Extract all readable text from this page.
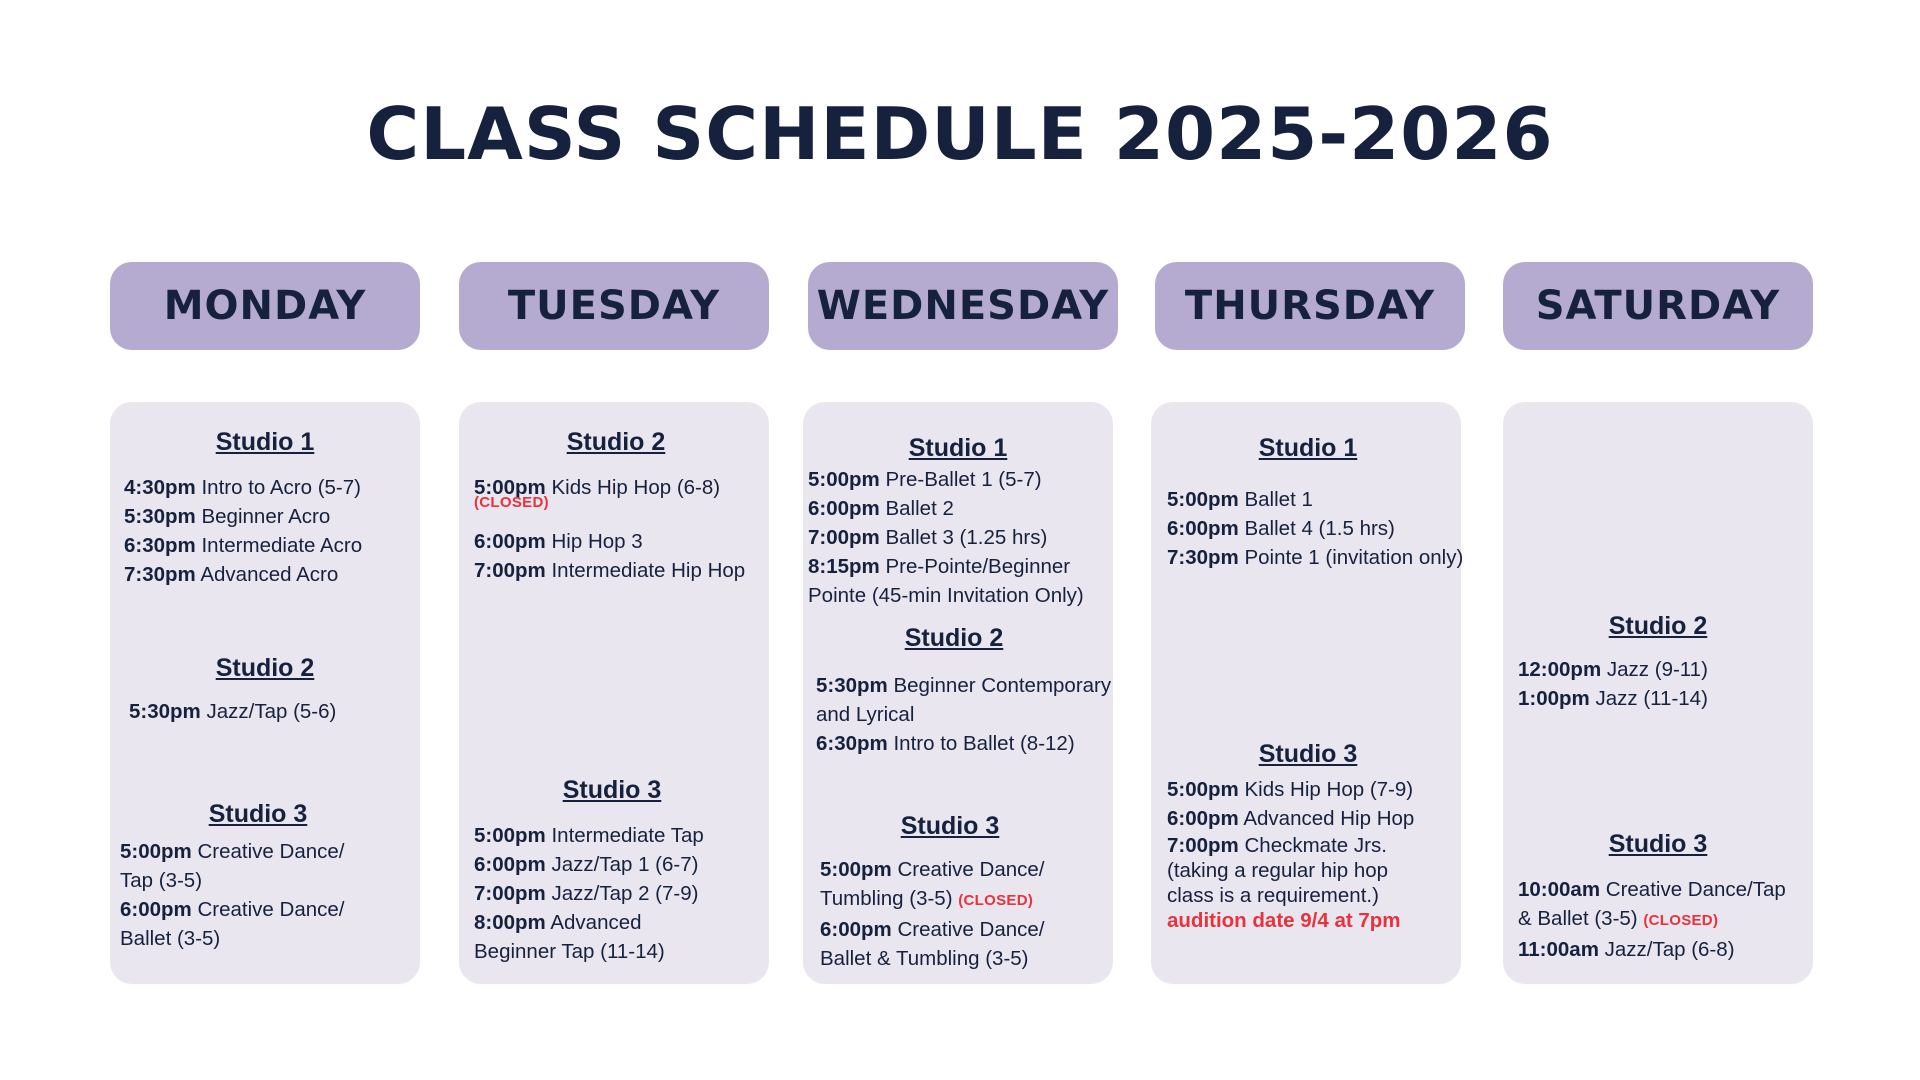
CLASS SCHEDULE 2025-2026
MONDAY
Studio 1
4:30pm Intro to Acro (5-7)
5:30pm Beginner Acro
6:30pm Intermediate Acro
7:30pm Advanced Acro
Studio 2
5:30pm Jazz/Tap (5-6)
Studio 3
5:00pm Creative Dance/ Tap (3-5)
6:00pm Creative Dance/ Ballet (3-5)
TUESDAY
Studio 2
5:00pm Kids Hip Hop (6-8)
(CLOSED)
6:00pm Hip Hop 3
7:00pm Intermediate Hip Hop
Studio 3
5:00pm Intermediate Tap
6:00pm Jazz/Tap 1 (6-7)
7:00pm Jazz/Tap 2 (7-9)
8:00pm Advanced Beginner Tap (11-14)
WEDNESDAY
Studio 1
5:00pm Pre-Ballet 1 (5-7)
6:00pm Ballet 2
7:00pm Ballet 3 (1.25 hrs)
8:15pm Pre-Pointe/Beginner Pointe (45-min Invitation Only)
Studio 2
5:30pm Beginner Contemporary and Lyrical
6:30pm Intro to Ballet (8-12)
Studio 3
5:00pm Creative Dance/ Tumbling (3-5) (CLOSED)
6:00pm Creative Dance/ Ballet & Tumbling (3-5)
THURSDAY
Studio 1
5:00pm Ballet 1
6:00pm Ballet 4 (1.5 hrs)
7:30pm Pointe 1 (invitation only)
Studio 3
5:00pm Kids Hip Hop (7-9)
6:00pm Advanced Hip Hop
7:00pm Checkmate Jrs.
(taking a regular hip hop class is a requirement.)
audition date 9/4 at 7pm
SATURDAY
Studio 2
12:00pm Jazz (9-11)
1:00pm Jazz (11-14)
Studio 3
10:00am Creative Dance/Tap & Ballet (3-5) (CLOSED)
11:00am Jazz/Tap (6-8)
